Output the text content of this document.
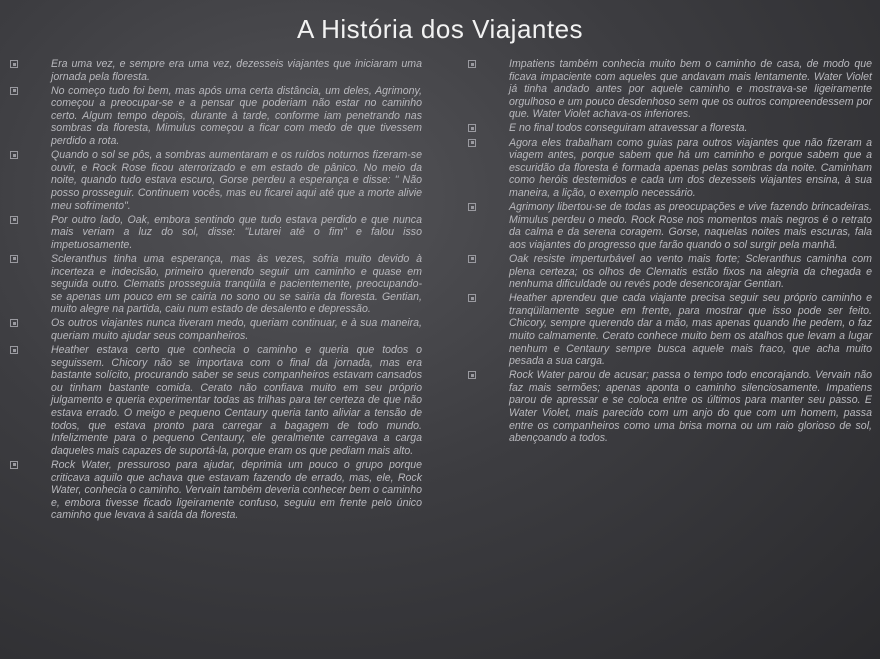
A História dos Viajantes
Era uma vez, e sempre era uma vez, dezesseis viajantes que iniciaram uma jornada pela floresta.
No começo tudo foi bem, mas após uma certa distância, um deles, Agrimony, começou a preocupar-se e a pensar que poderiam não estar no caminho certo. Algum tempo depois, durante à tarde, conforme iam penetrando nas sombras da floresta, Mimulus começou a ficar com medo de que tivessem perdido a rota.
Quando o sol se pôs, a sombras aumentaram e os ruídos noturnos fizeram-se ouvir, e Rock Rose ficou aterrorizado e em estado de pânico. No meio da noite, quando tudo estava escuro, Gorse perdeu a esperança e disse: " Não posso prosseguir. Continuem vocês, mas eu ficarei aqui até que a morte alivie meu sofrimento".
Por outro lado, Oak, embora sentindo que tudo estava perdido e que nunca mais veriam a luz do sol, disse: "Lutarei até o fim" e falou isso impetuosamente.
Scleranthus tinha uma esperança, mas às vezes, sofria muito devido à incerteza e indecisão, primeiro querendo seguir um caminho e quase em seguida outro. Clematis prosseguia tranqüila e pacientemente, preocupando-se apenas um pouco em se cairia no sono ou se sairia da floresta. Gentian, muito alegre na partida, caiu num estado de desalento e depressão.
Os outros viajantes nunca tiveram medo, queriam continuar, e à sua maneira, queriam muito ajudar seus companheiros.
Heather estava certo que conhecia o caminho e queria que todos o seguissem. Chicory não se importava com o final da jornada, mas era bastante solícito, procurando saber se seus companheiros estavam cansados ou tinham bastante comida. Cerato não confiava muito em seu próprio julgamento e queria experimentar todas as trilhas para ter certeza de que não estava errado. O meigo e pequeno Centaury queria tanto aliviar a tensão de todos, que estava pronto para carregar a bagagem de todo mundo. Infelizmente para o pequeno Centaury, ele geralmente carregava a carga daqueles mais capazes de suportá-la, porque eram os que pediam mais alto.
Rock Water, pressuroso para ajudar, deprimia um pouco o grupo porque criticava aquilo que achava que estavam fazendo de errado, mas, ele, Rock Water, conhecia o caminho. Vervain também deveria conhecer bem o caminho e, embora tivesse ficado ligeiramente confuso, seguiu em frente pelo único caminho que levava à saída da floresta.
Impatiens também conhecia muito bem o caminho de casa, de modo que ficava impaciente com aqueles que andavam mais lentamente. Water Violet já tinha andado antes por aquele caminho e mostrava-se ligeiramente orgulhoso e um pouco desdenhoso sem que os outros compreendessem por que. Water Violet achava-os inferiores.
E no final todos conseguiram atravessar a floresta.
Agora eles trabalham como guias para outros viajantes que não fizeram a viagem antes, porque sabem que há um caminho e porque sabem que a escuridão da floresta é formada apenas pelas sombras da noite. Caminham como heróis destemidos e cada um dos dezesseis viajantes ensina, à sua maneira, a lição, o exemplo necessário.
Agrimony libertou-se de todas as preocupações e vive fazendo brincadeiras. Mimulus perdeu o medo. Rock Rose nos momentos mais negros é o retrato da calma e da serena coragem. Gorse, naquelas noites mais escuras, fala aos viajantes do progresso que farão quando o sol surgir pela manhã.
Oak resiste imperturbável ao vento mais forte; Scleranthus caminha com plena certeza; os olhos de Clematis estão fixos na alegria da chegada e nenhuma dificuldade ou revés pode desencorajar Gentian.
Heather aprendeu que cada viajante precisa seguir seu próprio caminho e tranqüilamente segue em frente, para mostrar que isso pode ser feito. Chicory, sempre querendo dar a mão, mas apenas quando lhe pedem, o faz muito calmamente. Cerato conhece muito bem os atalhos que levam a lugar nenhum e Centaury sempre busca aquele mais fraco, que acha muito pesada a sua carga.
Rock Water parou de acusar; passa o tempo todo encorajando. Vervain não faz mais sermões; apenas aponta o caminho silenciosamente. Impatiens parou de apressar e se coloca entre os últimos para manter seu passo. E Water Violet, mais parecido com um anjo do que com um homem, passa entre os companheiros como uma brisa morna ou um raio glorioso de sol, abençoando a todos.
